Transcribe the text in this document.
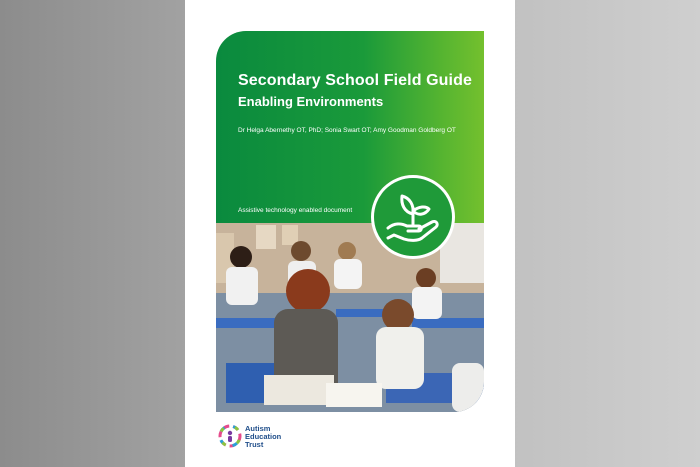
Secondary School Field Guide
Enabling Environments

Dr Helga Abernethy OT, PhD; Sonia Swart OT; Amy Goodman Goldberg OT

Assistive technology enabled document

Autism
Education
Trust
